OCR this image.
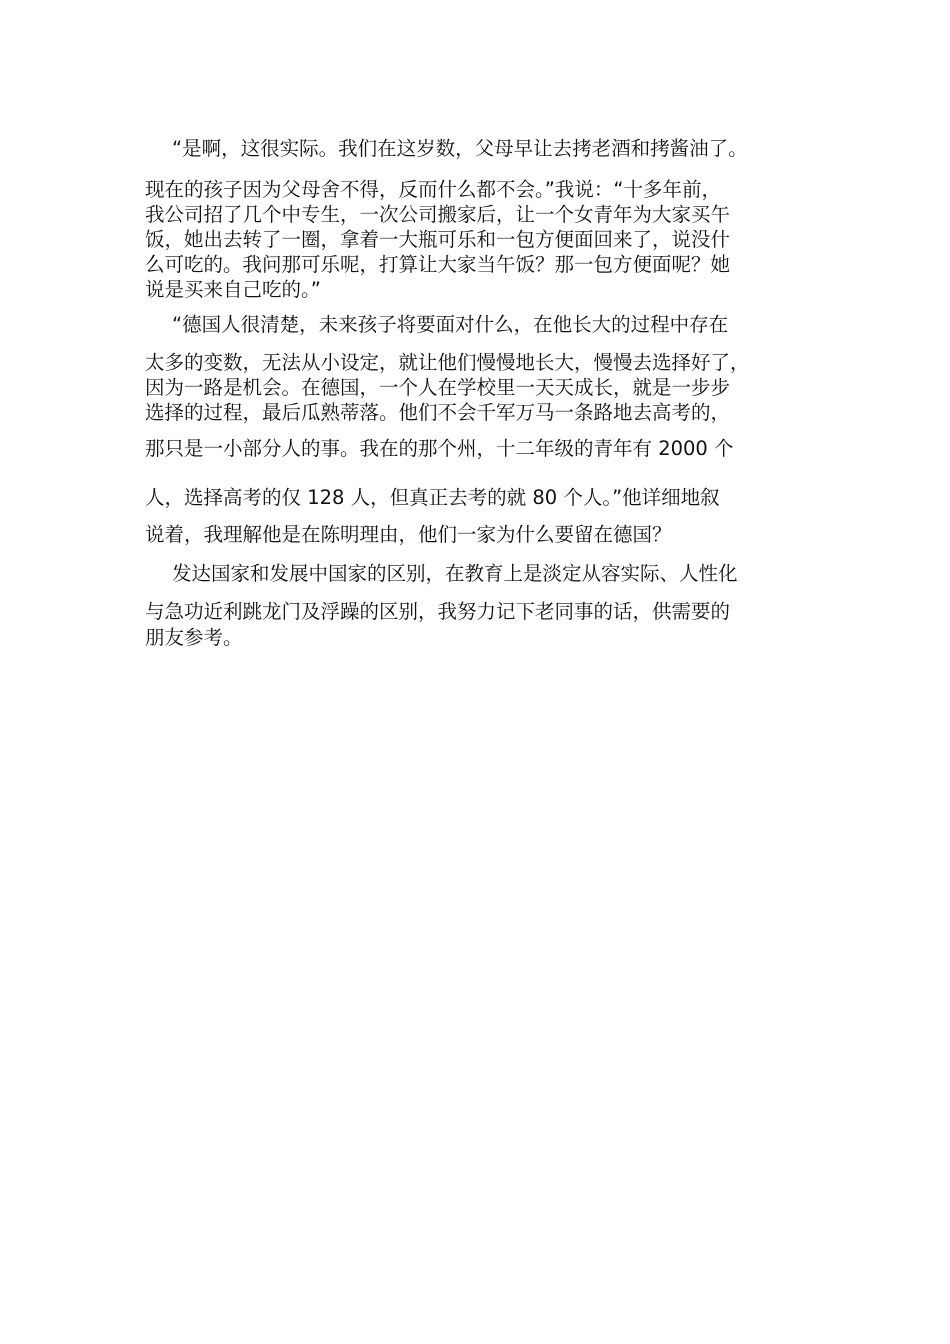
“是啊，这很实际。我们在这岁数，父母早让去拷老酒和拷酱油了。
现在的孩子因为父母舍不得，反而什么都不会。”我说：“十多年前，
我公司招了几个中专生，一次公司搬家后，让一个女青年为大家买午
饭，她出去转了一圈，拿着一大瓶可乐和一包方便面回来了，说没什
么可吃的。我问那可乐呢，打算让大家当午饭？那一包方便面呢？她
说是买来自己吃的。”
“德国人很清楚，未来孩子将要面对什么，在他长大的过程中存在
太多的变数，无法从小设定，就让他们慢慢地长大，慢慢去选择好了，
因为一路是机会。在德国，一个人在学校里一天天成长，就是一步步
选择的过程，最后瓜熟蒂落。他们不会千军万马一条路地去高考的，
那只是一小部分人的事。我在的那个州，十二年级的青年有 2000 个
人，选择高考的仅 128 人，但真正去考的就 80 个人。”他详细地叙
说着，我理解他是在陈明理由，他们一家为什么要留在德国？
发达国家和发展中国家的区别，在教育上是淡定从容实际、人性化
与急功近利跳龙门及浮躁的区别，我努力记下老同事的话，供需要的
朋友参考。
